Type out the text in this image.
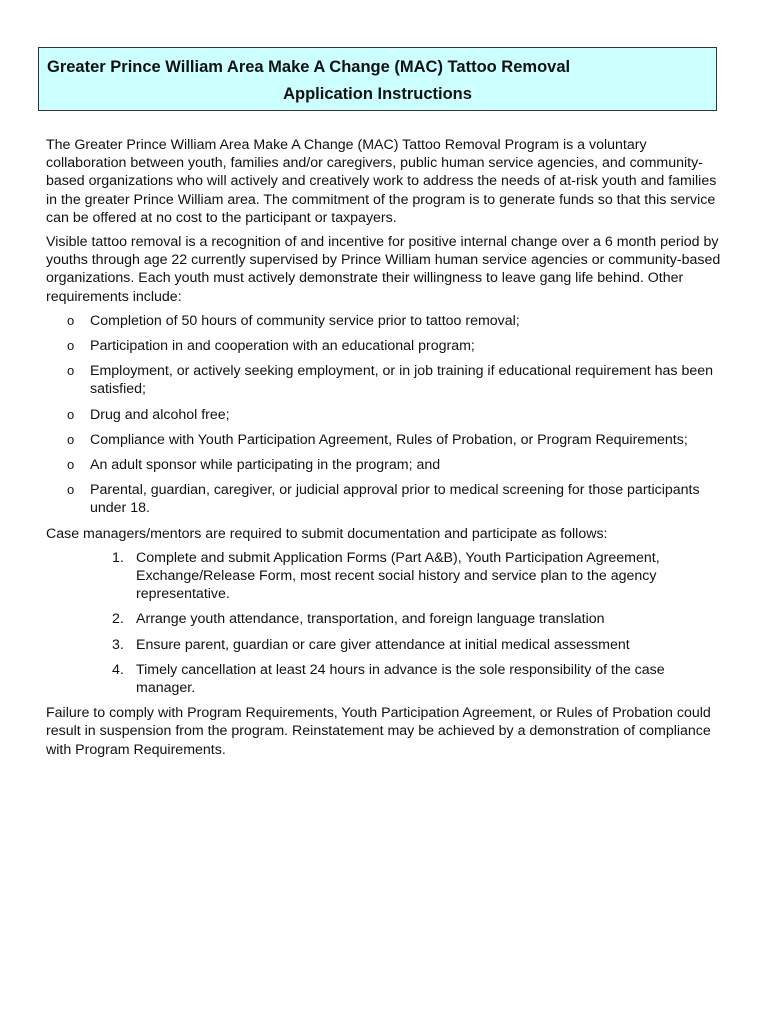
Greater Prince William Area Make A Change (MAC) Tattoo Removal
Application Instructions

The Greater Prince William Area Make A Change (MAC) Tattoo Removal Program is a voluntary collaboration between youth, families and/or caregivers, public human service agencies, and community-based organizations who will actively and creatively work to address the needs of at-risk youth and families in the greater Prince William area. The commitment of the program is to generate funds so that this service can be offered at no cost to the participant or taxpayers.

Visible tattoo removal is a recognition of and incentive for positive internal change over a 6 month period by youths through age 22 currently supervised by Prince William human service agencies or community-based organizations. Each youth must actively demonstrate their willingness to leave gang life behind. Other requirements include:

o Completion of 50 hours of community service prior to tattoo removal;
o Participation in and cooperation with an educational program;
o Employment, or actively seeking employment, or in job training if educational requirement has been satisfied;
o Drug and alcohol free;
o Compliance with Youth Participation Agreement, Rules of Probation, or Program Requirements;
o An adult sponsor while participating in the program; and
o Parental, guardian, caregiver, or judicial approval prior to medical screening for those participants under 18.

Case managers/mentors are required to submit documentation and participate as follows:

1. Complete and submit Application Forms (Part A&B), Youth Participation Agreement, Exchange/Release Form, most recent social history and service plan to the agency representative.
2. Arrange youth attendance, transportation, and foreign language translation
3. Ensure parent, guardian or care giver attendance at initial medical assessment
4. Timely cancellation at least 24 hours in advance is the sole responsibility of the case manager.

Failure to comply with Program Requirements, Youth Participation Agreement, or Rules of Probation could result in suspension from the program. Reinstatement may be achieved by a demonstration of compliance with Program Requirements.
